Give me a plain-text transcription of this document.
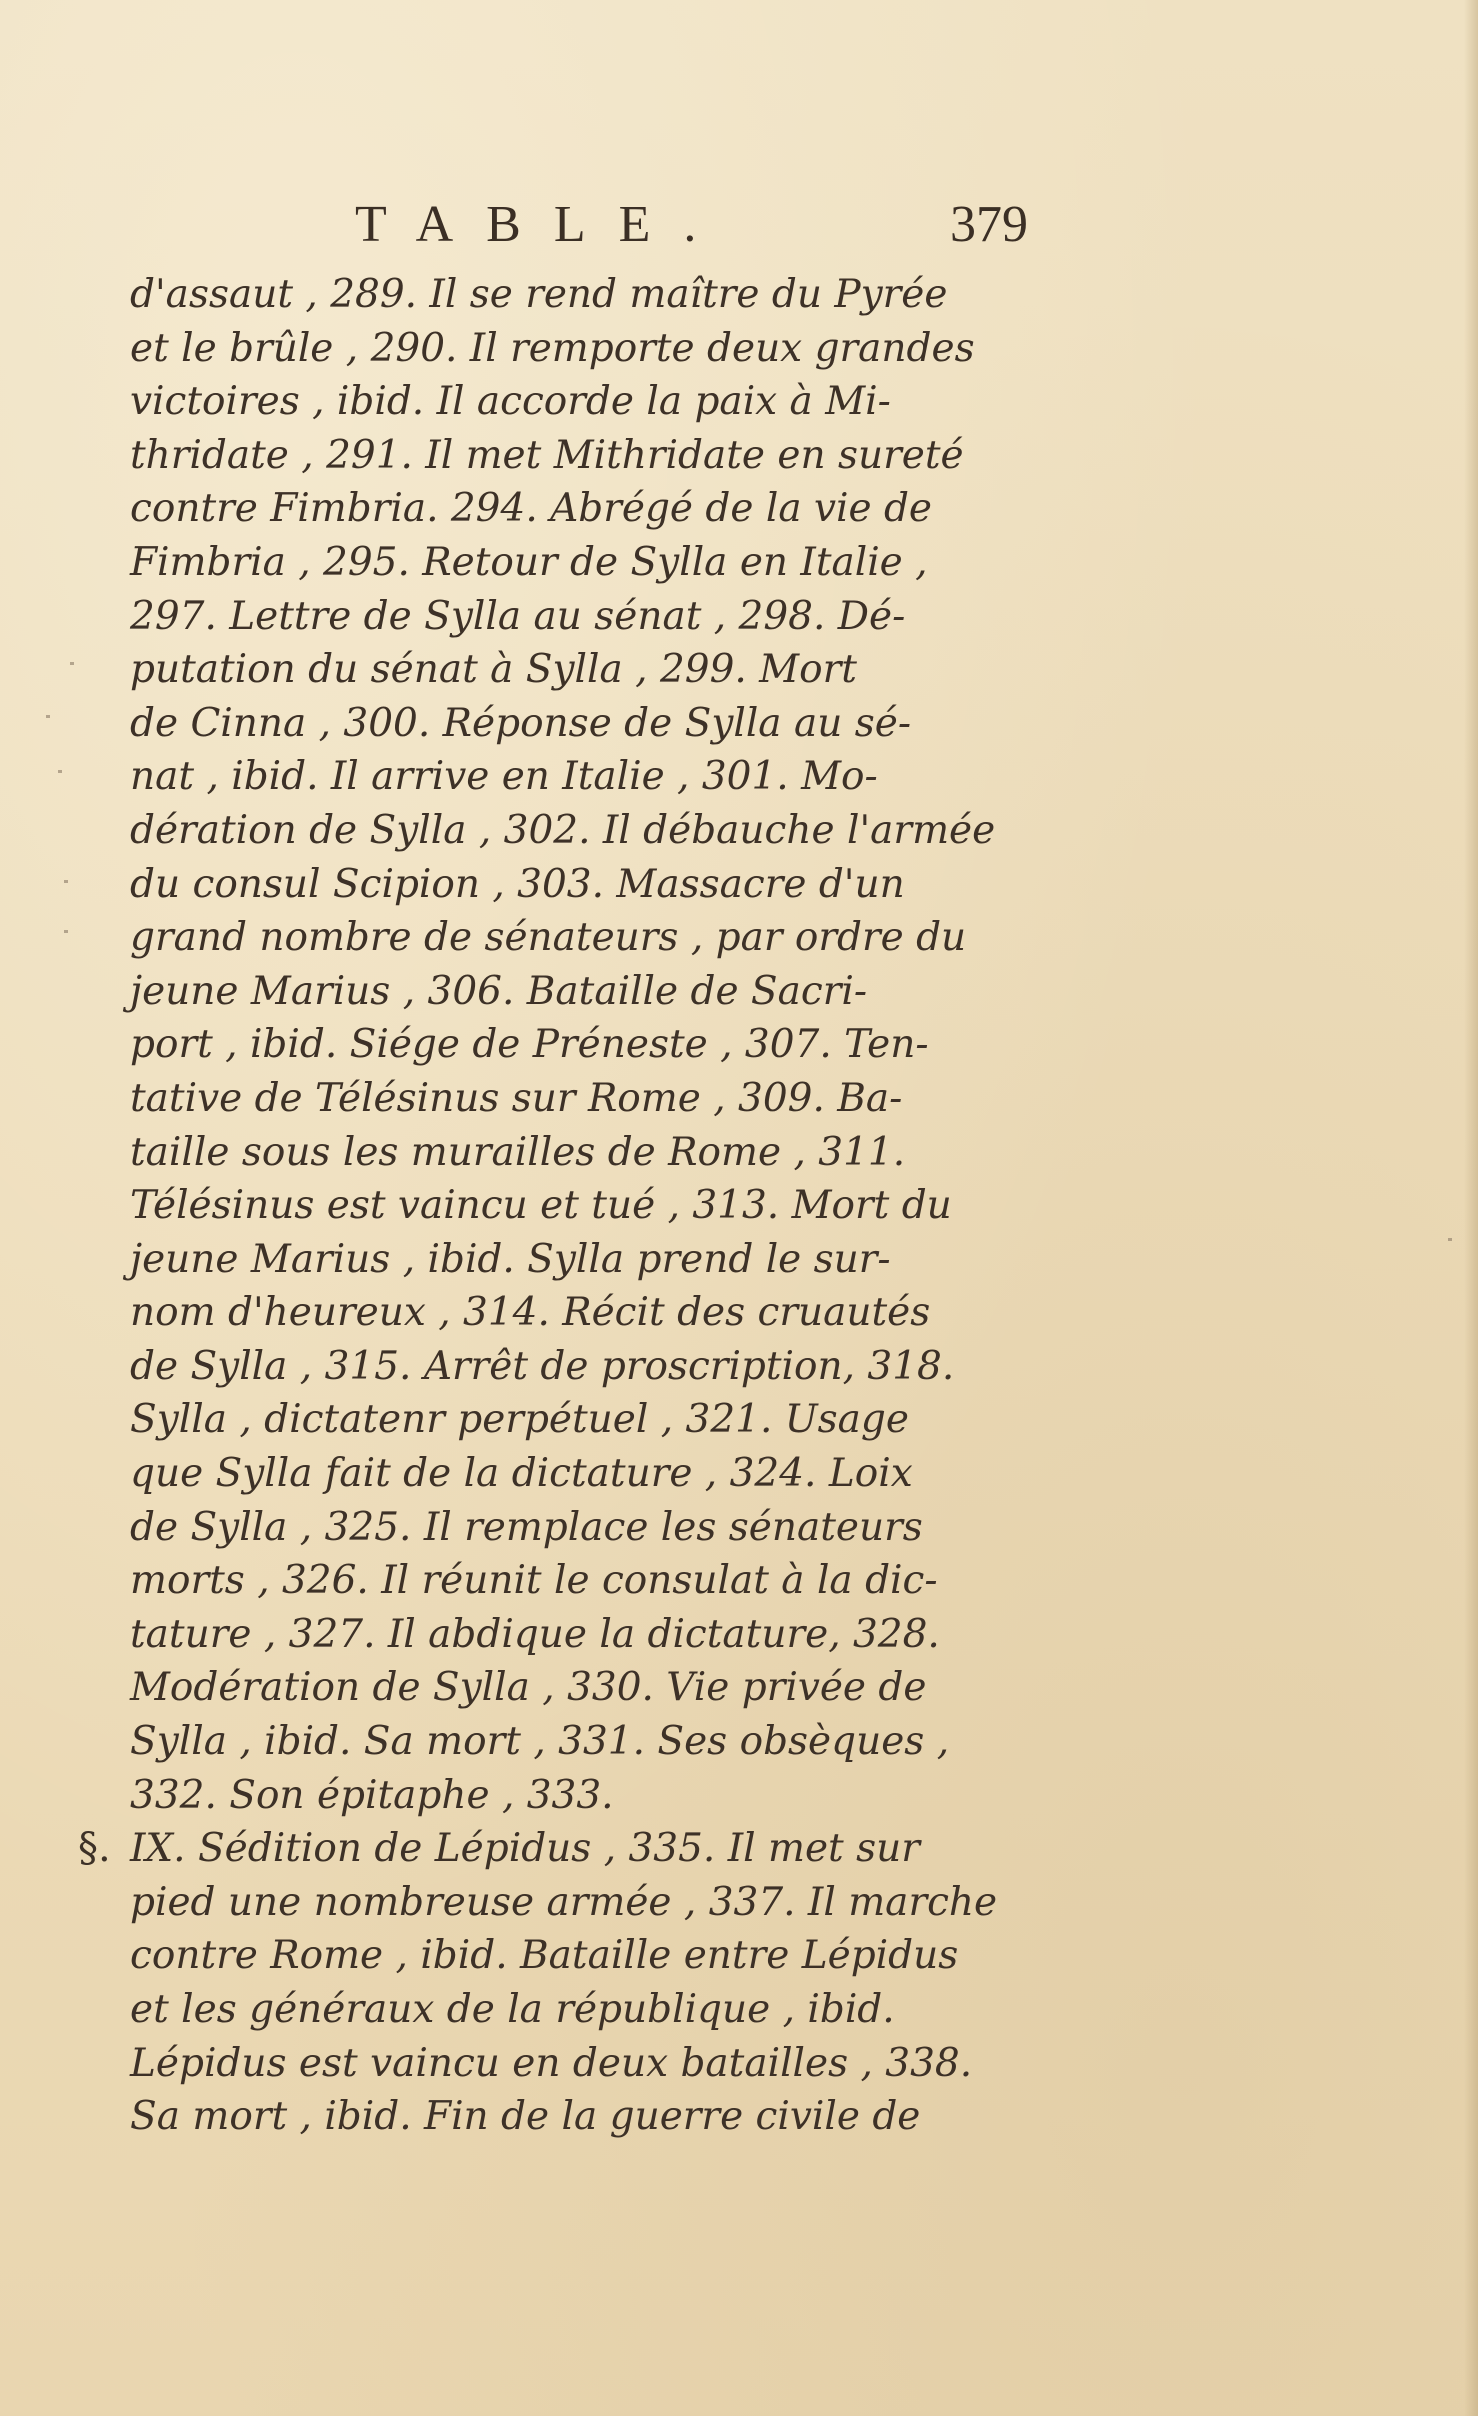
TABLE.	379
d'assaut , 289. Il se rend maître du Pyrée
et le brûle , 290. Il remporte deux grandes
victoires , ibid. Il accorde la paix à Mi-
thridate , 291. Il met Mithridate en sureté
contre Fimbria. 294. Abrégé de la vie de
Fimbria , 295. Retour de Sylla en Italie ,
297. Lettre de Sylla au sénat , 298. Dé-
putation du sénat à Sylla , 299. Mort
de Cinna , 300. Réponse de Sylla au sé-
nat , ibid. Il arrive en Italie , 301. Mo-
dération de Sylla , 302. Il débauche l'armée
du consul Scipion , 303. Massacre d'un
grand nombre de sénateurs , par ordre du
jeune Marius , 306. Bataille de Sacri-
port , ibid. Siége de Préneste , 307. Ten-
tative de Télésinus sur Rome , 309. Ba-
taille sous les murailles de Rome , 311.
Télésinus est vaincu et tué , 313. Mort du
jeune Marius , ibid. Sylla prend le sur-
nom d'heureux , 314. Récit des cruautés
de Sylla , 315. Arrêt de proscription, 318.
Sylla , dictatenr perpétuel , 321. Usage
que Sylla fait de la dictature , 324. Loix
de Sylla , 325. Il remplace les sénateurs
morts , 326. Il réunit le consulat à la dic-
tature , 327. Il abdique la dictature, 328.
Modération de Sylla , 330. Vie privée de
Sylla , ibid. Sa mort , 331. Ses obsèques ,
332. Son épitaphe , 333.
§. IX. Sédition de Lépidus , 335. Il met sur
pied une nombreuse armée , 337. Il marche
contre Rome , ibid. Bataille entre Lépidus
et les généraux de la république , ibid.
Lépidus est vaincu en deux batailles , 338.
Sa mort , ibid. Fin de la guerre civile de
